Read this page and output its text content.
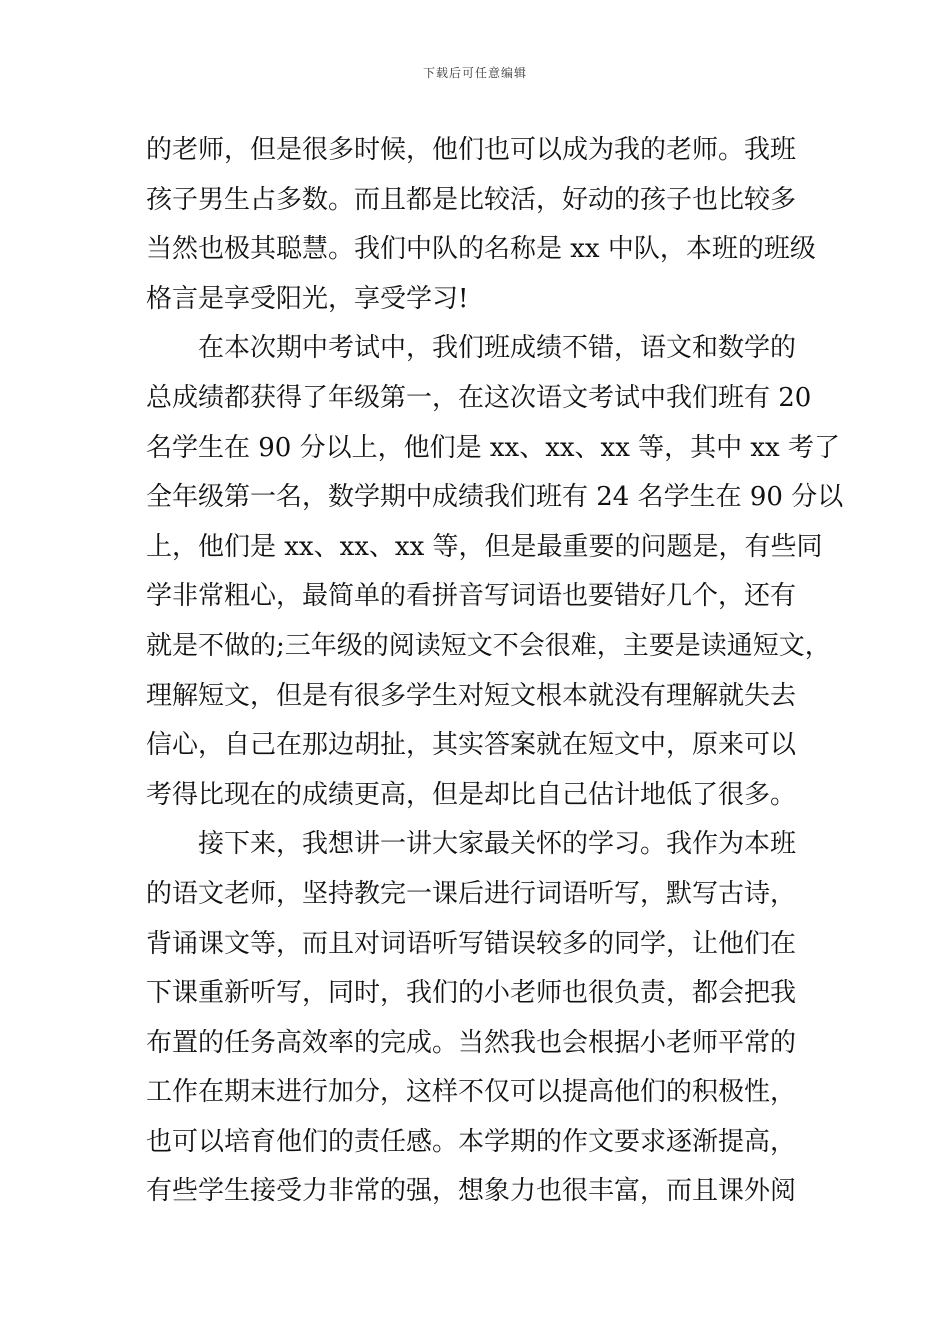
下载后可任意编辑
的老师，但是很多时候，他们也可以成为我的老师。我班
孩子男生占多数。而且都是比较活，好动的孩子也比较多
当然也极其聪慧。我们中队的名称是 xx 中队，本班的班级
格言是享受阳光，享受学习!
在本次期中考试中，我们班成绩不错，语文和数学的
总成绩都获得了年级第一，在这次语文考试中我们班有 20
名学生在 90 分以上，他们是 xx、xx、xx 等，其中 xx 考了
全年级第一名，数学期中成绩我们班有 24 名学生在 90 分以
上，他们是 xx、xx、xx 等，但是最重要的问题是，有些同
学非常粗心，最简单的看拼音写词语也要错好几个，还有
就是不做的;三年级的阅读短文不会很难，主要是读通短文，
理解短文，但是有很多学生对短文根本就没有理解就失去
信心，自己在那边胡扯，其实答案就在短文中，原来可以
考得比现在的成绩更高，但是却比自己估计地低了很多。
接下来，我想讲一讲大家最关怀的学习。我作为本班
的语文老师，坚持教完一课后进行词语听写，默写古诗，
背诵课文等，而且对词语听写错误较多的同学，让他们在
下课重新听写，同时，我们的小老师也很负责，都会把我
布置的任务高效率的完成。当然我也会根据小老师平常的
工作在期末进行加分，这样不仅可以提高他们的积极性，
也可以培育他们的责任感。本学期的作文要求逐渐提高，
有些学生接受力非常的强，想象力也很丰富，而且课外阅
